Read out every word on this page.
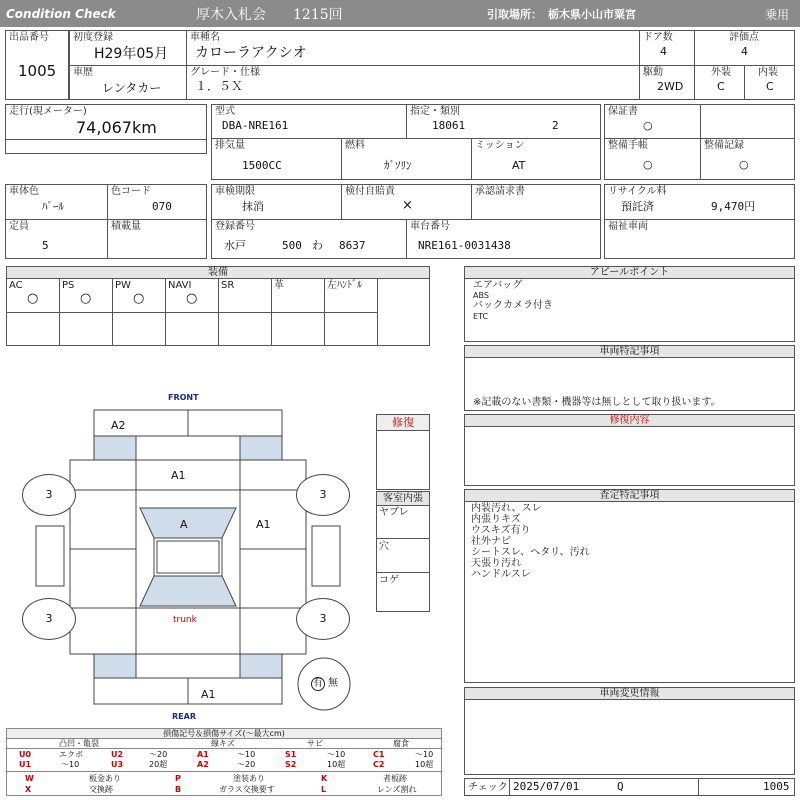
Condition Check	厚木入札会 1215回	引取場所： 栃木県小山市粟宮	乗用
出品番号
1005
初度登録
H29年05月
車歴
レンタカー
車種名
カローラアクシオ
グレード・仕様
１．５Ｘ
ドア数
4
駆動
2WD
評価点
4
外装
C
内装
C
走行(現メーター)
74,067km
型式
DBA-NRE161
指定・類別
18061	2
排気量
1500CC
燃料
ｶﾞｿﾘﾝ
ミッション
AT
保証書
○
整備手帳
○
整備記録
○
車体色
ﾊﾟｰﾙ
色コード
070
定員
5
積載量
車検期限
抹消
検付自賠責
×
承認請求書
登録番号
水戸	500 わ 8637
車台番号
NRE161-0031438
リサイクル料
預託済	9,470円
福祉車両
装備
AC	PS	PW	NAVI	SR	革	左ﾊﾝﾄﾞﾙ
○	○	○	○
アピールポイント
エアバッグ
ABS
バックカメラ付き
ETC
車両特記事項
※記載のない書類・機器等は無しとして取り扱います。
修復内容
査定特記事項
内装汚れ、スレ
内張りキズ
ウスキズ有り
社外ナビ
シートスレ、ヘタリ、汚れ
天張り汚れ
ハンドルスレ
車両変更情報
チェック 2025/07/01	Q	1005
修復
客室内張
ヤブレ
穴
コゲ
FRONT
REAR
A2
A1
A	A1
trunk
A1
3	3
3	3
有 無
損傷記号＆損傷サイズ(〜最大cm)
凸凹・亀裂	線キズ	サビ	腐食
U0	エクボ	U2	〜20	A1	〜10	S1	〜10	C1	〜10
U1	〜10	U3	20超	A2	〜20	S2	10超	C2	10超
W	板金あり	P	塗装あり	K	者板跡
X	交換跡	B	ガラス交換要す	L	レンズ割れ
